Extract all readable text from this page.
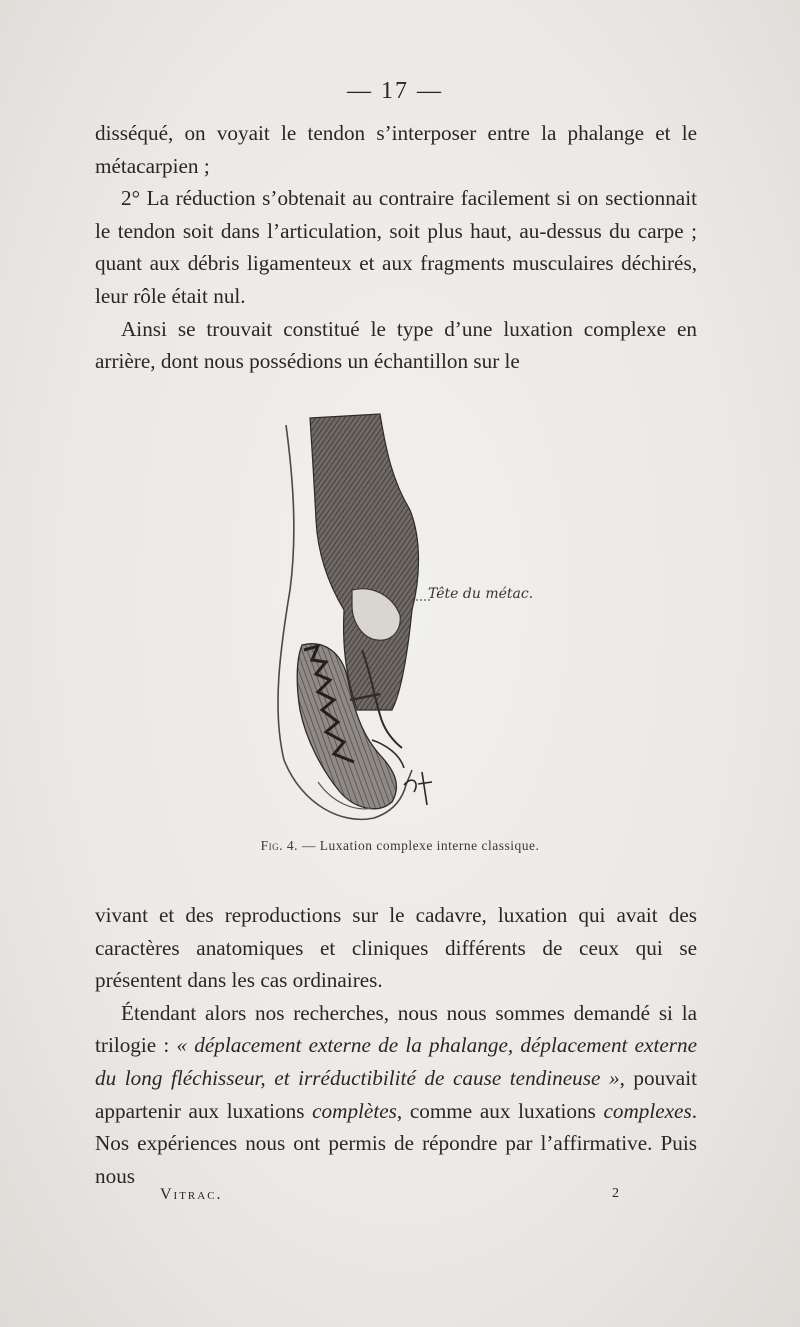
— 17 —

disséqué, on voyait le tendon s’interposer entre la phalange et le métacarpien ;

2° La réduction s’obtenait au contraire facilement si on sectionnait le tendon soit dans l’articulation, soit plus haut, au-dessus du carpe ; quant aux débris ligamenteux et aux fragments musculaires déchirés, leur rôle était nul.

Ainsi se trouvait constitué le type d’une luxation complexe en arrière, dont nous possédions un échantillon sur le

Tête du métac.
Fig. 4. — Luxation complexe interne classique.

vivant et des reproductions sur le cadavre, luxation qui avait des caractères anatomiques et cliniques différents de ceux qui se présentent dans les cas ordinaires.

Étendant alors nos recherches, nous nous sommes demandé si la trilogie : « déplacement externe de la phalange, déplacement externe du long fléchisseur, et irréductibilité de cause tendineuse », pouvait appartenir aux luxations complètes, comme aux luxations complexes. Nos expériences nous ont permis de répondre par l’affirmative. Puis nous

Vitrac.	2
